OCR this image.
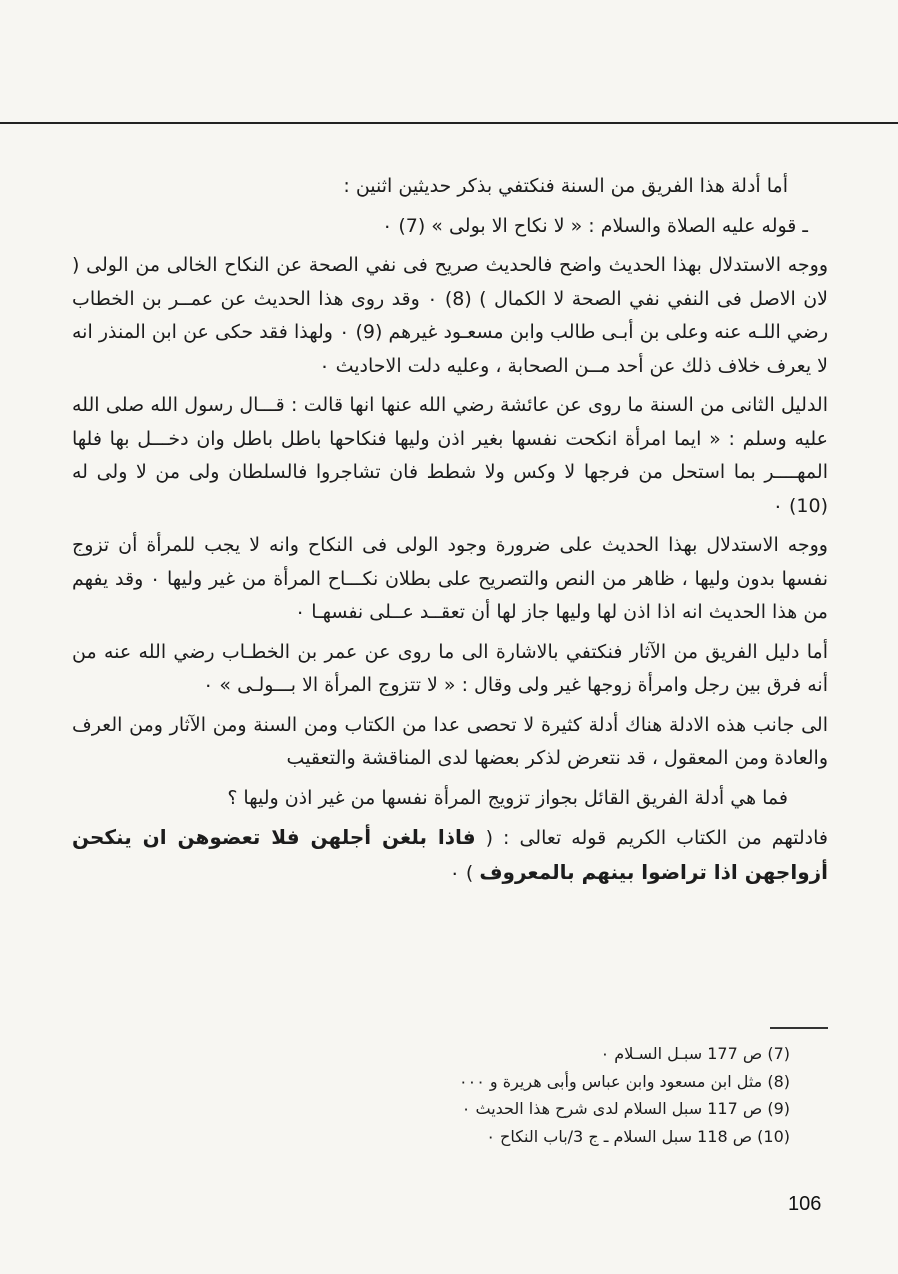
أما أدلة هذا الفريق من السنة فنكتفي بذكر حديثين اثنين :

ـ قوله عليه الصلاة والسلام : « لا نكاح الا بولى » (7) ٠

ووجه الاستدلال بهذا الحديث واضح فالحديث صريح فى نفي الصحة عن النكاح الخالى من الولى ( لان الاصل فى النفي نفي الصحة لا الكمال ) (8) ٠ وقد روى هذا الحديث عن عمــر بن الخطاب رضي اللـه عنه وعلى بن أبـى طالب وابن مسعـود غيرهم (9) ٠ ولهذا فقد حكى عن ابن المنذر انه لا يعرف خلاف ذلك عن أحد مــن الصحابة ، وعليه دلت الاحاديث ٠

الدليل الثانى من السنة ما روى عن عائشة رضي الله عنها انها قالت : قـــال رسول الله صلى الله عليه وسلم : « ايما امرأة انكحت نفسها بغير اذن وليها فنكاحها باطل باطل وان دخـــل بها فلها المهــــر بما استحل من فرجها لا وكس ولا شطط فان تشاجروا فالسلطان ولى من لا ولى له (10) ٠

ووجه الاستدلال بهذا الحديث على ضرورة وجود الولى فى النكاح وانه لا يجب للمرأة أن تزوج نفسها بدون وليها ، ظاهر من النص والتصريح على بطلان نكـــاح المرأة من غير وليها ٠ وقد يفهم من هذا الحديث انه اذا اذن لها وليها جاز لها أن تعقــد عــلى نفسهـا ٠

أما دليل الفريق من الآثار فنكتفي بالاشارة الى ما روى عن عمر بن الخطـاب رضي الله عنه من أنه فرق بين رجل وامرأة زوجها غير ولى وقال : « لا تتزوج المرأة الا بـــولـى » ٠

الى جانب هذه الادلة هناك أدلة كثيرة لا تحصى عدا من الكتاب ومن السنة ومن الآثار ومن العرف والعادة ومن المعقول ، قد نتعرض لذكر بعضها لدى المناقشة والتعقيب

فما هي أدلة الفريق القائل بجواز تزويج المرأة نفسها من غير اذن وليها ؟

فادلتهم من الكتاب الكريم قوله تعالى : ( فاذا بلغن أجلهن فلا تعضوهن ان ينكحن أزواجهن اذا تراضوا بينهم بالمعروف ) ٠

(7) ص 177 سبـل السـلام ٠
(8) مثل ابن مسعود وابن عباس وأبى هريرة و ٠٠٠
(9) ص 117 سبل السلام لدى شرح هذا الحديث ٠
(10) ص 118 سبل السلام ـ ج 3/باب النكاح ٠
106
